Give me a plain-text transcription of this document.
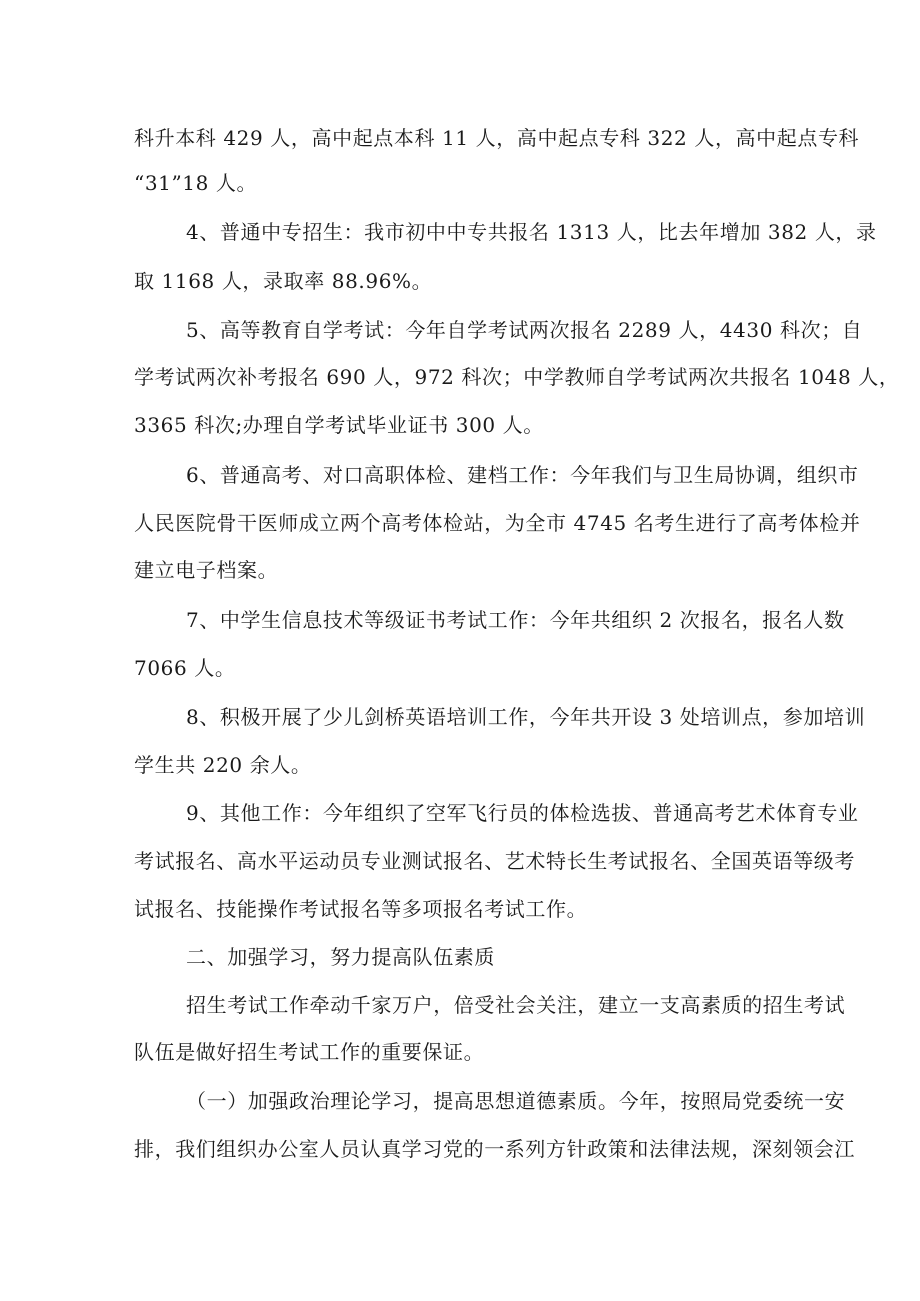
科升本科 429 人，高中起点本科 11 人，高中起点专科 322 人，高中起点专科
“31”18 人。
4、普通中专招生：我市初中中专共报名 1313 人，比去年增加 382 人，录
取 1168 人，录取率 88.96%。
5、高等教育自学考试：今年自学考试两次报名 2289 人，4430 科次；自
学考试两次补考报名 690 人，972 科次；中学教师自学考试两次共报名 1048 人，
3365 科次;办理自学考试毕业证书 300 人。
6、普通高考、对口高职体检、建档工作：今年我们与卫生局协调，组织市
人民医院骨干医师成立两个高考体检站，为全市 4745 名考生进行了高考体检并
建立电子档案。
7、中学生信息技术等级证书考试工作：今年共组织 2 次报名，报名人数
7066 人。
8、积极开展了少儿剑桥英语培训工作，今年共开设 3 处培训点，参加培训
学生共 220 余人。
9、其他工作：今年组织了空军飞行员的体检选拔、普通高考艺术体育专业
考试报名、高水平运动员专业测试报名、艺术特长生考试报名、全国英语等级考
试报名、技能操作考试报名等多项报名考试工作。
二、加强学习，努力提高队伍素质
招生考试工作牵动千家万户，倍受社会关注，建立一支高素质的招生考试
队伍是做好招生考试工作的重要保证。
（一）加强政治理论学习，提高思想道德素质。今年，按照局党委统一安
排，我们组织办公室人员认真学习党的一系列方针政策和法律法规，深刻领会江
